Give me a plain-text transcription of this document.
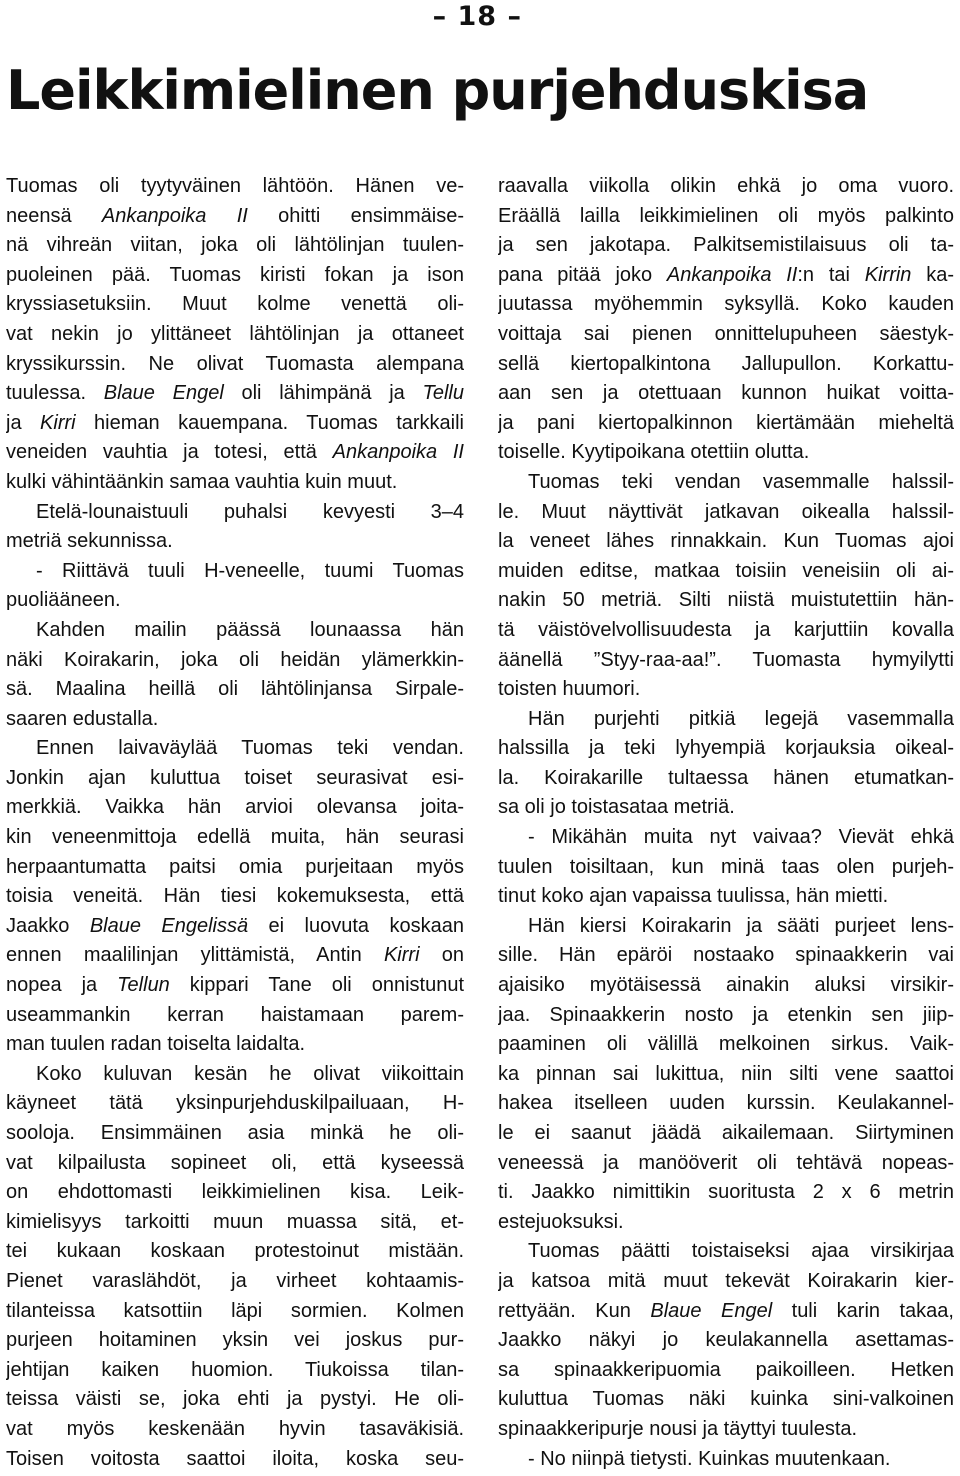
– 18 –
Leikkimielinen purjehduskisa
Tuomas oli tyytyväinen lähtöön. Hänen ve-
neensä Ankanpoika II ohitti ensimmäise-
nä vihreän viitan, joka oli lähtölinjan tuulen-
puoleinen pää. Tuomas kiristi fokan ja ison
kryssiasetuksiin. Muut kolme venettä oli-
vat nekin jo ylittäneet lähtölinjan ja ottaneet
kryssikurssin. Ne olivat Tuomasta alempana
tuulessa. Blaue Engel oli lähimpänä ja Tellu
ja Kirri hieman kauempana. Tuomas tarkkaili
veneiden vauhtia ja totesi, että Ankanpoika II
kulki vähintäänkin samaa vauhtia kuin muut.
Etelä-lounaistuuli puhalsi kevyesti 3–4
metriä sekunnissa.
- Riittävä tuuli H-veneelle, tuumi Tuomas
puoliääneen.
Kahden mailin päässä lounaassa hän
näki Koirakarin, joka oli heidän ylämerkkin-
sä. Maalina heillä oli lähtölinjansa Sirpale-
saaren edustalla.
Ennen laivaväylää Tuomas teki vendan.
Jonkin ajan kuluttua toiset seurasivat esi-
merkkiä. Vaikka hän arvioi olevansa joita-
kin veneenmittoja edellä muita, hän seurasi
herpaantumatta paitsi omia purjeitaan myös
toisia veneitä. Hän tiesi kokemuksesta, että
Jaakko Blaue Engelissä ei luovuta koskaan
ennen maalilinjan ylittämistä, Antin Kirri on
nopea ja Tellun kippari Tane oli onnistunut
useammankin kerran haistamaan parem-
man tuulen radan toiselta laidalta.
Koko kuluvan kesän he olivat viikoittain
käyneet tätä yksinpurjehduskilpailuaan, H-
sooloja. Ensimmäinen asia minkä he oli-
vat kilpailusta sopineet oli, että kyseessä
on ehdottomasti leikkimielinen kisa. Leik-
kimielisyys tarkoitti muun muassa sitä, et-
tei kukaan koskaan protestoinut mistään.
Pienet varaslähdöt, ja virheet kohtaamis-
tilanteissa katsottiin läpi sormien. Kolmen
purjeen hoitaminen yksin vei joskus pur-
jehtijan kaiken huomion. Tiukoissa tilan-
teissa väisti se, joka ehti ja pystyi. He oli-
vat myös keskenään hyvin tasaväkisiä.
Toisen voitosta saattoi iloita, koska seu-
raavalla viikolla olikin ehkä jo oma vuoro.
Eräällä lailla leikkimielinen oli myös palkinto
ja sen jakotapa. Palkitsemistilaisuus oli ta-
pana pitää joko Ankanpoika II:n tai Kirrin ka-
juutassa myöhemmin syksyllä. Koko kauden
voittaja sai pienen onnittelupuheen säestyk-
sellä kiertopalkintona Jallupullon. Korkattu-
aan sen ja otettuaan kunnon huikat voitta-
ja pani kiertopalkinnon kiertämään mieheltä
toiselle. Kyytipoikana otettiin olutta.
Tuomas teki vendan vasemmalle halssil-
le. Muut näyttivät jatkavan oikealla halssil-
la veneet lähes rinnakkain. Kun Tuomas ajoi
muiden editse, matkaa toisiin veneisiin oli ai-
nakin 50 metriä. Silti niistä muistutettiin hän-
tä väistövelvollisuudesta ja karjuttiin kovalla
äänellä ”Styy-raa-aa!”. Tuomasta hymyilytti
toisten huumori.
Hän purjehti pitkiä legejä vasemmalla
halssilla ja teki lyhyempiä korjauksia oikeal-
la. Koirakarille tultaessa hänen etumatkan-
sa oli jo toistasataa metriä.
- Mikähän muita nyt vaivaa? Vievät ehkä
tuulen toisiltaan, kun minä taas olen purjeh-
tinut koko ajan vapaissa tuulissa, hän mietti.
Hän kiersi Koirakarin ja sääti purjeet lens-
sille. Hän epäröi nostaako spinaakkerin vai
ajaisiko myötäisessä ainakin aluksi virsikir-
jaa. Spinaakkerin nosto ja etenkin sen jiip-
paaminen oli välillä melkoinen sirkus. Vaik-
ka pinnan sai lukittua, niin silti vene saattoi
hakea itselleen uuden kurssin. Keulakannel-
le ei saanut jäädä aikailemaan. Siirtyminen
veneessä ja manööverit oli tehtävä nopeas-
ti. Jaakko nimittikin suoritusta 2 x 6 metrin
estejuoksuksi.
Tuomas päätti toistaiseksi ajaa virsikirjaa
ja katsoa mitä muut tekevät Koirakarin kier-
rettyään. Kun Blaue Engel tuli karin takaa,
Jaakko näkyi jo keulakannella asettamas-
sa spinaakkeripuomia paikoilleen. Hetken
kuluttua Tuomas näki kuinka sini-valkoinen
spinaakkeripurje nousi ja täyttyi tuulesta.
- No niinpä tietysti. Kuinkas muutenkaan.
